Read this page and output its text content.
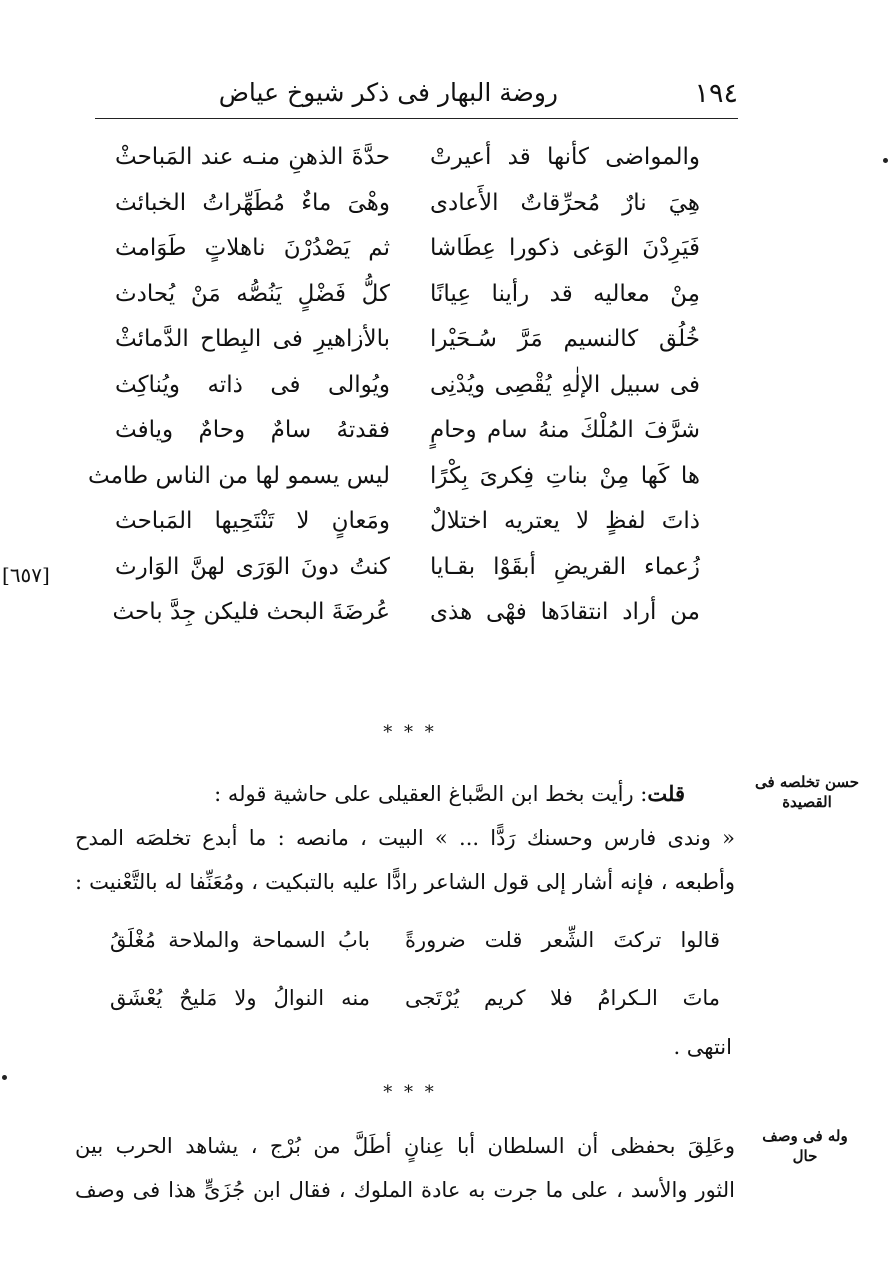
١٩٤
روضة البهار فى ذكر شيوخ عياض
والمواضى كأنها قد أعيرتْ
حدَّةَ الذهنِ منـه عند المَباحثْ
هِيَ نارٌ مُحرِّقاتٌ الأَعادى
وهْىَ ماءٌ مُطَهِّراتُ الخبائث
فَيَرِدْنَ الوَغى ذكورا عِطَاشا
ثم يَصْدُرْنَ ناهلاتٍ طَوَامث
مِنْ معاليه قد رأينا عِيانًا
كلُّ فَضْلٍ يَنُصُّه مَنْ يُحادث
خُلُق كالنسيم مَرَّ سُـحَيْرا
بالأزاهيرِ فى البِطاح الدَّمائثْ
فى سبيل الإلٰهِ يُقْصِى ويُدْنِى
ويُوالى فى ذاته ويُناكِث
شرَّفَ المُلْكَ منهُ سام وحامٍ
فقدتهُ سامٌ وحامٌ ويافث
ها كَها مِنْ بناتِ فِكرىَ بِكْرًا
ليس يسمو لها من الناس طامث
ذاتَ لفظٍ لا يعتريه اختلالٌ
ومَعانٍ لا تَنْتَحِيها المَباحث
زُعماء القريضِ أبقَوْا بقـايا
كنتُ دونَ الوَرَى لهنَّ الوَارث
من أراد انتقادَها فهْى هذى
عُرضَةَ البحث فليكن جِدَّ باحث
[٦٥٧]
* * *
حسن تخلصه فى القصيدة
قلت: رأيت بخط ابن الصَّباغ العقيلى على حاشية قوله :
« وندى فارس وحسنك رَدًّا ... » البيت ، مانصه : ما أبدع تخلصَه المدح
وأطبعه ، فإنه أشار إلى قول الشاعر رادًّا عليه بالتبكيت ، ومُعَنِّفا له بالتَّعْنيت :
قالوا تركتَ الشِّعر قلت ضرورةً
بابُ السماحة والملاحة مُغْلَقُ
ماتَ الـكرامُ فلا كريم يُرْتَجى
منه النوالُ ولا مَليحٌ يُعْشَق
انتهى .
* * *
وله فى وصف حال
وعَلِقَ بحفظى أن السلطان أبا عِنانٍ أطَلَّ من بُرْج ، يشاهد الحرب بين
الثور والأسد ، على ما جرت به عادة الملوك ، فقال ابن جُزَىٍّ هذا فى وصف
